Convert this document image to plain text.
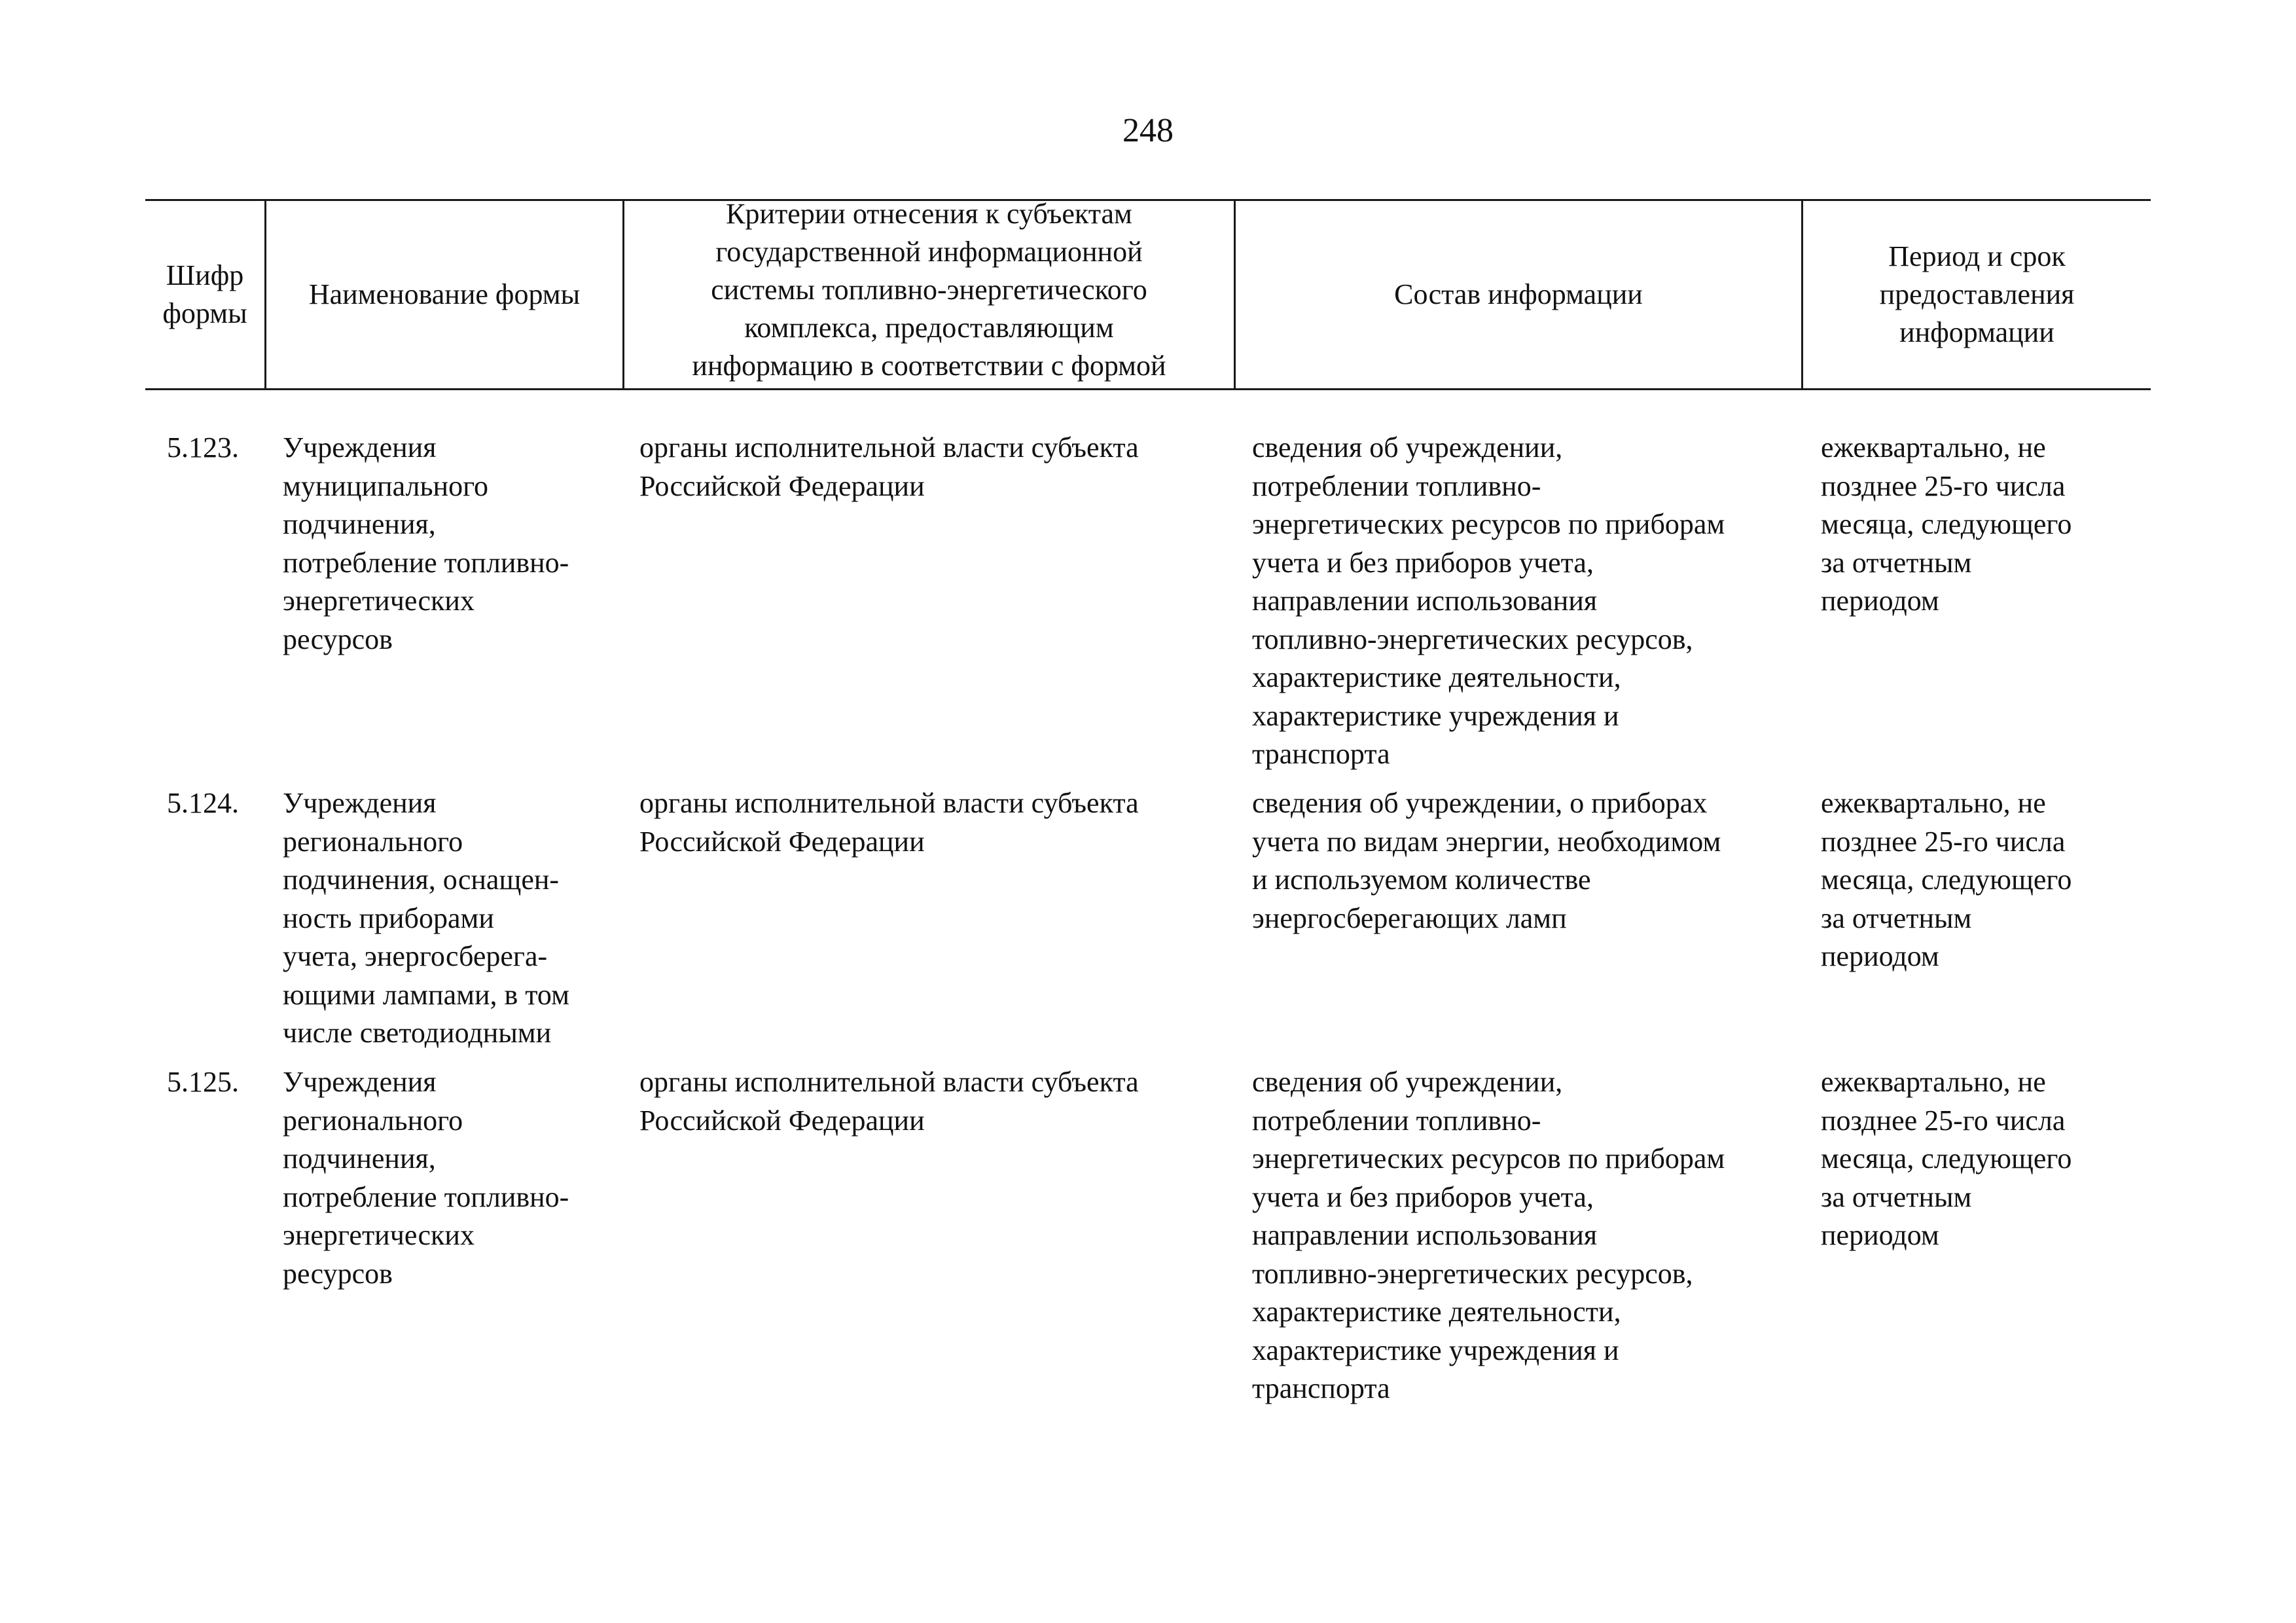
248
Шифр
формы
Наименование формы
Критерии отнесения к субъектам
государственной информационной
системы топливно-энергетического
комплекса, предоставляющим
информацию в соответствии с формой
Состав информации
Период и срок
предоставления
информации
5.123. Учреждения
муниципального
подчинения,
потребление топливно-
энергетических
ресурсов
органы исполнительной власти субъекта
Российской Федерации
сведения об учреждении,
потреблении топливно-
энергетических ресурсов по приборам
учета и без приборов учета,
направлении использования
топливно-энергетических ресурсов,
характеристике деятельности,
характеристике учреждения и
транспорта
ежеквартально, не
позднее 25-го числа
месяца, следующего
за отчетным
периодом
5.124. Учреждения
регионального
подчинения, оснащен-
ность приборами
учета, энергосберега-
ющими лампами, в том
числе светодиодными
органы исполнительной власти субъекта
Российской Федерации
сведения об учреждении, о приборах
учета по видам энергии, необходимом
и используемом количестве
энергосберегающих ламп
ежеквартально, не
позднее 25-го числа
месяца, следующего
за отчетным
периодом
5.125. Учреждения
регионального
подчинения,
потребление топливно-
энергетических
ресурсов
органы исполнительной власти субъекта
Российской Федерации
сведения об учреждении,
потреблении топливно-
энергетических ресурсов по приборам
учета и без приборов учета,
направлении использования
топливно-энергетических ресурсов,
характеристике деятельности,
характеристике учреждения и
транспорта
ежеквартально, не
позднее 25-го числа
месяца, следующего
за отчетным
периодом
